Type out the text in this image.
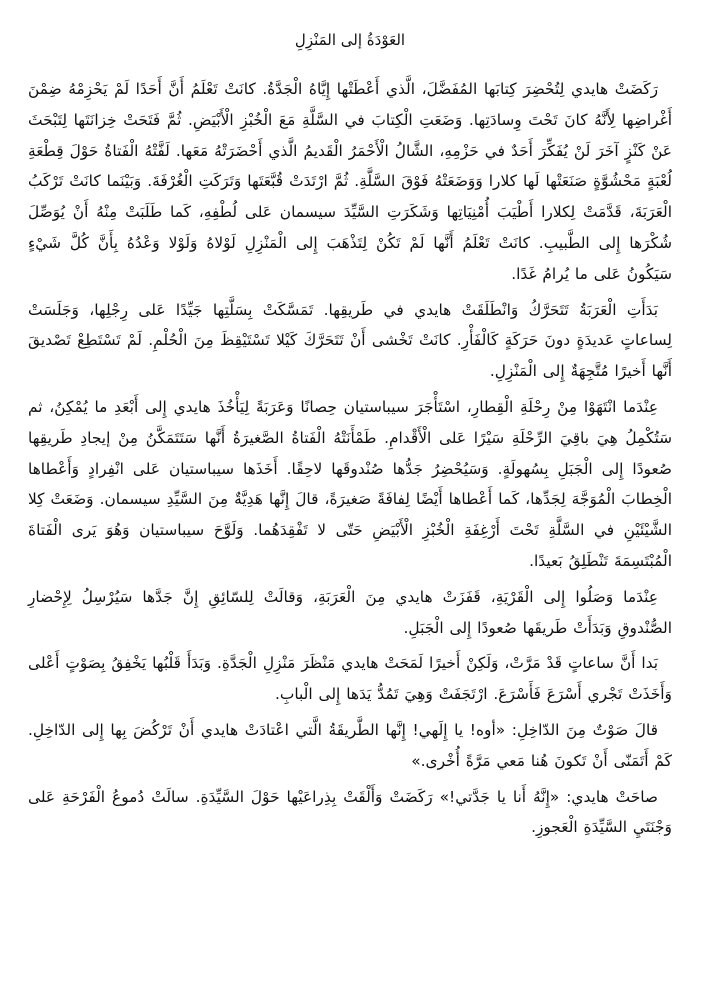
العَوْدَةُ إلى المَنْزِلِ

رَكَضَتْ هايدي لِتُحْضِرَ كِتابَها المُفَضَّلَ، الَّذي أَعْطَتْها إِيَّاهُ الْجَدَّةُ. كانَتْ تَعْلَمُ أَنَّ أَحَدًا لَمْ يَحْزِمْهُ ضِمْنَ أَغْراضِها لِأَنَّهُ كانَ تَحْتَ وِسادَتِها. وَضَعَتِ الْكِتابَ في السَّلَّةِ مَعَ الْخُبْزِ الْأَبْيَضِ. ثُمَّ فَتَحَتْ خِزانَتَها لِتَبْحَثَ عَنْ كَنْزٍ آخَرَ لَنْ يُفَكِّرَ أَحَدٌ في حَزْمِهِ، الشَّالُ الْأَحْمَرُ الْقَديمُ الَّذي أَحْضَرَتْهُ مَعَها. لَفَّتْهُ الْفَتاةُ حَوْلَ قِطْعَةِ لُعْبَةٍ مَحْشُوَّةٍ صَنَعَتْها لَها كلارا وَوَضَعَتْهُ فَوْقَ السَّلَّةِ. ثُمَّ ارْتَدَتْ قُبَّعَتَها وَتَرَكَتِ الْغُرْفَةَ. وَبَيْنَما كانَتْ تَرْكَبُ الْعَرَبَةَ، قَدَّمَتْ لِكلارا أَطْيَبَ أُمْنِيَاتِها وَشَكَرَتِ السَّيِّدَ سيسمان عَلى لُطْفِهِ، كَما طَلَبَتْ مِنْهُ أَنْ يُوَصِّلَ شُكْرَها إِلى الطَّبيبِ. كانَتْ تَعْلَمُ أَنَّها لَمْ تَكُنْ لِتَذْهَبَ إِلى الْمَنْزِلِ لَوْلاهُ وَلَوْلا وَعْدُهُ بِأَنَّ كُلَّ شَيْءٍ سَيَكُونُ عَلى ما يُرامُ غَدًا.

بَدَأَتِ الْعَرَبَةُ تَتَحَرَّكُ وَانْطَلَقَتْ هايدي في طَريقِها. تَمَسَّكَتْ بِسَلَّتِها جَيِّدًا عَلى رِجْلِها، وَجَلَسَتْ لِساعاتٍ عَديدَةٍ دونَ حَرَكَةٍ كَالْفَأْرِ. كانَتْ تَخْشى أَنْ تَتَحَرَّكَ كَيْلا تَسْتَيْقِظَ مِنَ الْحُلْمِ. لَمْ تَسْتَطِعْ تَصْديقَ أَنَّها أَخيرًا مُتَّجِهَةٌ إِلى الْمَنْزِلِ.

عِنْدَما انْتَهَوْا مِنْ رِحْلَةِ الْقِطارِ، اسْتَأْجَرَ سيباستيان حِصانًا وَعَرَبَةً لِيَأْخُذَ هايدي إِلى أَبْعَدِ ما يُمْكِنُ، ثم سَتُكْمِلُ هِيَ باقِيَ الرِّحْلَةِ سَيْرًا عَلى الْأَقْدامِ. طَمْأَنَتْهُ الْفَتاةُ الصَّغيرَةُ أَنَّها سَتَتَمَكَّنُ مِنْ إيجادِ طَريقِها صُعودًا إِلى الْجَبَلِ بِسُهولَةٍ. وَسَيُحْضِرُ جَدُّها صُنْدوقَها لاحِقًا. أَخَذَها سيباستيان عَلى انْفِرادٍ وَأَعْطاها الْخِطابَ الْمُوَجَّهَ لِجَدِّها، كَما أَعْطاها أَيْضًا لِفافَةً صَغيرَةً، قالَ إِنَّها هَدِيَّةٌ مِنَ السَّيِّدِ سيسمان. وَضَعَتْ كِلا الشَّيْئَيْنِ في السَّلَّةِ تَحْتَ أَرْغِفَةِ الْخُبْزِ الْأَبْيَضِ حَتّى لا تَفْقِدَهُما. وَلَوَّحَ سيباستيان وَهُوَ يَرى الْفَتاةَ الْمُبْتَسِمَةَ تَنْطَلِقُ بَعيدًا.

عِنْدَما وَصَلُوا إِلى الْقَرْيَةِ، قَفَزَتْ هايدي مِنَ الْعَرَبَةِ، وَقالَتْ لِلسّائِقِ إِنَّ جَدَّها سَيُرْسِلُ لِإِحْضارِ الصُّنْدوقِ وَبَدَأَتْ طَريقَها صُعودًا إِلى الْجَبَلِ.

بَدا أَنَّ ساعاتٍ قَدْ مَرَّتْ، وَلَكِنْ أَخيرًا لَمَحَتْ هايدي مَنْظَرَ مَنْزِلِ الْجَدَّةِ. وَبَدَأَ قَلْبُها يَخْفِقُ بِصَوْتٍ أَعْلى وَأَخَذَتْ تَجْري أَسْرَعَ فَأَسْرَعَ. ارْتَجَفَتْ وَهِيَ تَمُدُّ يَدَها إِلى الْبابِ.

قالَ صَوْتٌ مِنَ الدّاخِلِ: «أوه! يا إِلَهي! إِنَّها الطَّريقَةُ الَّتي اعْتادَتْ هايدي أَنْ تَرْكُضَ بِها إِلى الدّاخِلِ. كَمْ أَتَمَنّى أَنْ تَكونَ هُنا مَعي مَرَّةً أُخْرى.»

صاحَتْ هايدي: «إِنَّهُ أَنا يا جَدَّتي!» رَكَضَتْ وَأَلْقَتْ بِذِراعَيْها حَوْلَ السَّيِّدَةِ. سالَتْ دُموعُ الْفَرْحَةِ عَلى وَجْنَتَيِ السَّيِّدَةِ الْعَجوزِ.
